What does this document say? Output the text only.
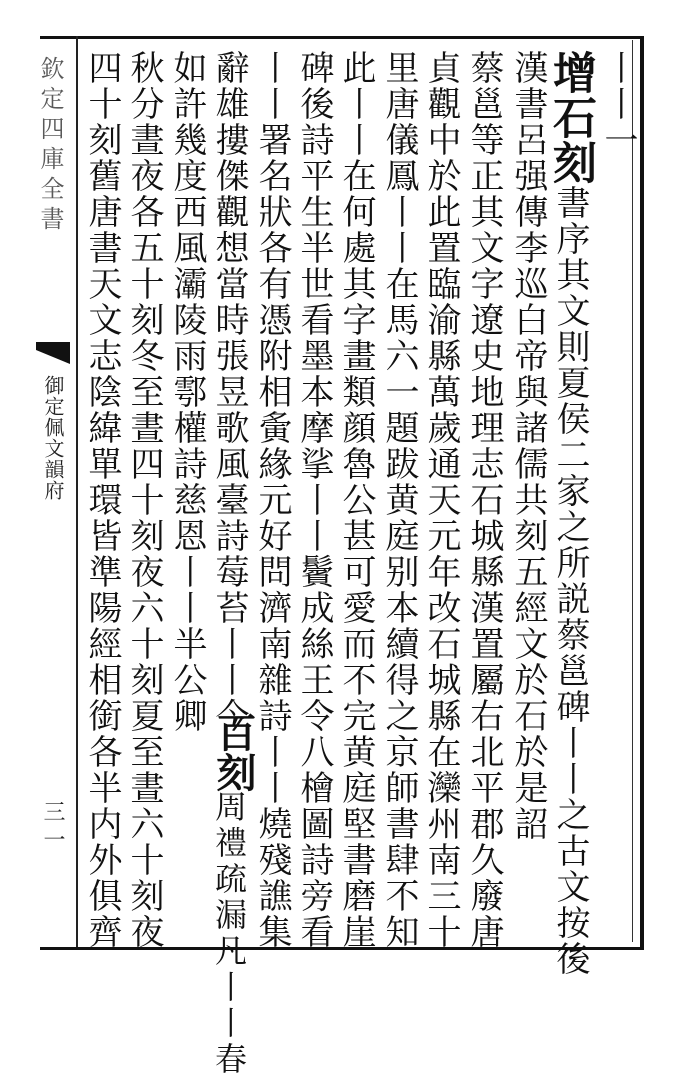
欽定四庫全書
御定佩文韻府
三一
丨丨一
增石刻書序其文則夏侯二家之所説蔡邕碑丨丨之古文按後
漢書呂强傳李巡白帝與諸儒共刻五經文於石於是詔
蔡邕等正其文字遼史地理志石城縣漢置屬右北平郡久廢唐
貞觀中於此置臨渝縣萬歲通天元年改石城縣在灤州南三十
里唐儀鳳丨丨在馬六一題跋黄庭别本續得之京師書肆不知
此丨丨在何處其字畫類顔魯公甚可愛而不完黄庭堅書磨崖
碑後詩平生半世看墨本摩挲丨丨鬢成絲王令八檜圖詩旁看
丨丨署名狀各有憑附相夤緣元好問濟南雜詩丨丨燒殘譙集
辭雄摟傑觀想當時張昱歌風臺詩莓苔丨丨今
如許幾度西風灞陵雨鄠權詩慈恩丨丨半公卿
百刻
周禮疏漏凡丨丨春
秋分晝夜各五十刻冬至晝四十刻夜六十刻夏至晝六十刻夜
四十刻舊唐書天文志陰緯單環皆準陽經相銜各半内外俱齊
